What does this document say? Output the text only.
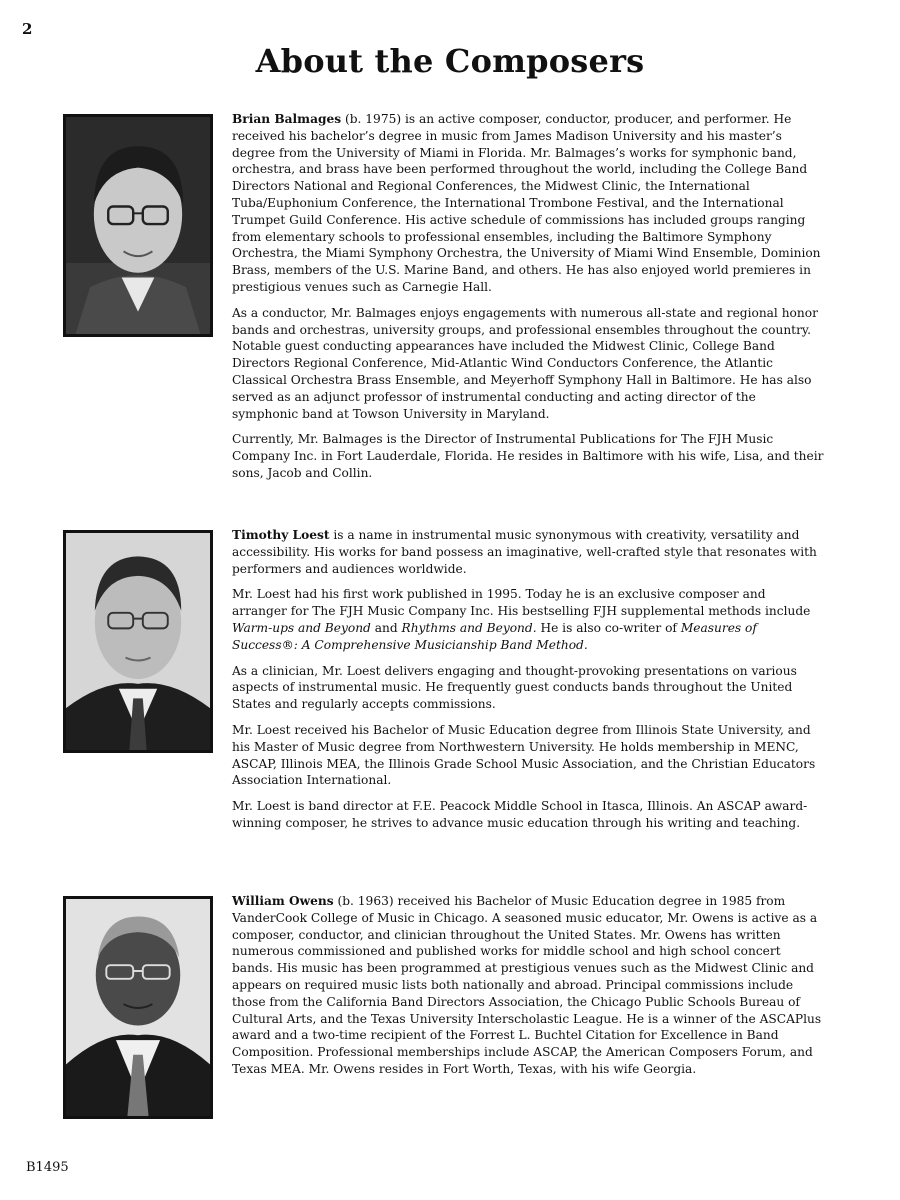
2
About the Composers

Brian Balmages (b. 1975) is an active composer, conductor, producer, and performer. He received his bachelor’s degree in music from James Madison University and his master’s degree from the University of Miami in Florida. Mr. Balmages’s works for symphonic band, orchestra, and brass have been performed throughout the world, including the College Band Directors National and Regional Conferences, the Midwest Clinic, the International Tuba/Euphonium Conference, the International Trombone Festival, and the International Trumpet Guild Conference. His active schedule of commissions has included groups ranging from elementary schools to professional ensembles, including the Baltimore Symphony Orchestra, the Miami Symphony Orchestra, the University of Miami Wind Ensemble, Dominion Brass, members of the U.S. Marine Band, and others. He has also enjoyed world premieres in prestigious venues such as Carnegie Hall.

As a conductor, Mr. Balmages enjoys engagements with numerous all-state and regional honor bands and orchestras, university groups, and professional ensembles throughout the country. Notable guest conducting appearances have included the Midwest Clinic, College Band Directors Regional Conference, Mid-Atlantic Wind Conductors Conference, the Atlantic Classical Orchestra Brass Ensemble, and Meyerhoff Symphony Hall in Baltimore. He has also served as an adjunct professor of instrumental conducting and acting director of the symphonic band at Towson University in Maryland.

Currently, Mr. Balmages is the Director of Instrumental Publications for The FJH Music Company Inc. in Fort Lauderdale, Florida. He resides in Baltimore with his wife, Lisa, and their sons, Jacob and Collin.

Timothy Loest is a name in instrumental music synonymous with creativity, versatility and accessibility. His works for band possess an imaginative, well-crafted style that resonates with performers and audiences worldwide.

Mr. Loest had his first work published in 1995. Today he is an exclusive composer and arranger for The FJH Music Company Inc. His bestselling FJH supplemental methods include Warm-ups and Beyond and Rhythms and Beyond. He is also co-writer of Measures of Success®: A Comprehensive Musicianship Band Method.

As a clinician, Mr. Loest delivers engaging and thought-provoking presentations on various aspects of instrumental music. He frequently guest conducts bands throughout the United States and regularly accepts commissions.

Mr. Loest received his Bachelor of Music Education degree from Illinois State University, and his Master of Music degree from Northwestern University. He holds membership in MENC, ASCAP, Illinois MEA, the Illinois Grade School Music Association, and the Christian Educators Association International.

Mr. Loest is band director at F.E. Peacock Middle School in Itasca, Illinois. An ASCAP award-winning composer, he strives to advance music education through his writing and teaching.

William Owens (b. 1963) received his Bachelor of Music Education degree in 1985 from VanderCook College of Music in Chicago. A seasoned music educator, Mr. Owens is active as a composer, conductor, and clinician throughout the United States. Mr. Owens has written numerous commissioned and published works for middle school and high school concert bands. His music has been programmed at prestigious venues such as the Midwest Clinic and appears on required music lists both nationally and abroad. Principal commissions include those from the California Band Directors Association, the Chicago Public Schools Bureau of Cultural Arts, and the Texas University Interscholastic League. He is a winner of the ASCAPlus award and a two-time recipient of the Forrest L. Buchtel Citation for Excellence in Band Composition. Professional memberships include ASCAP, the American Composers Forum, and Texas MEA. Mr. Owens resides in Fort Worth, Texas, with his wife Georgia.

B1495
